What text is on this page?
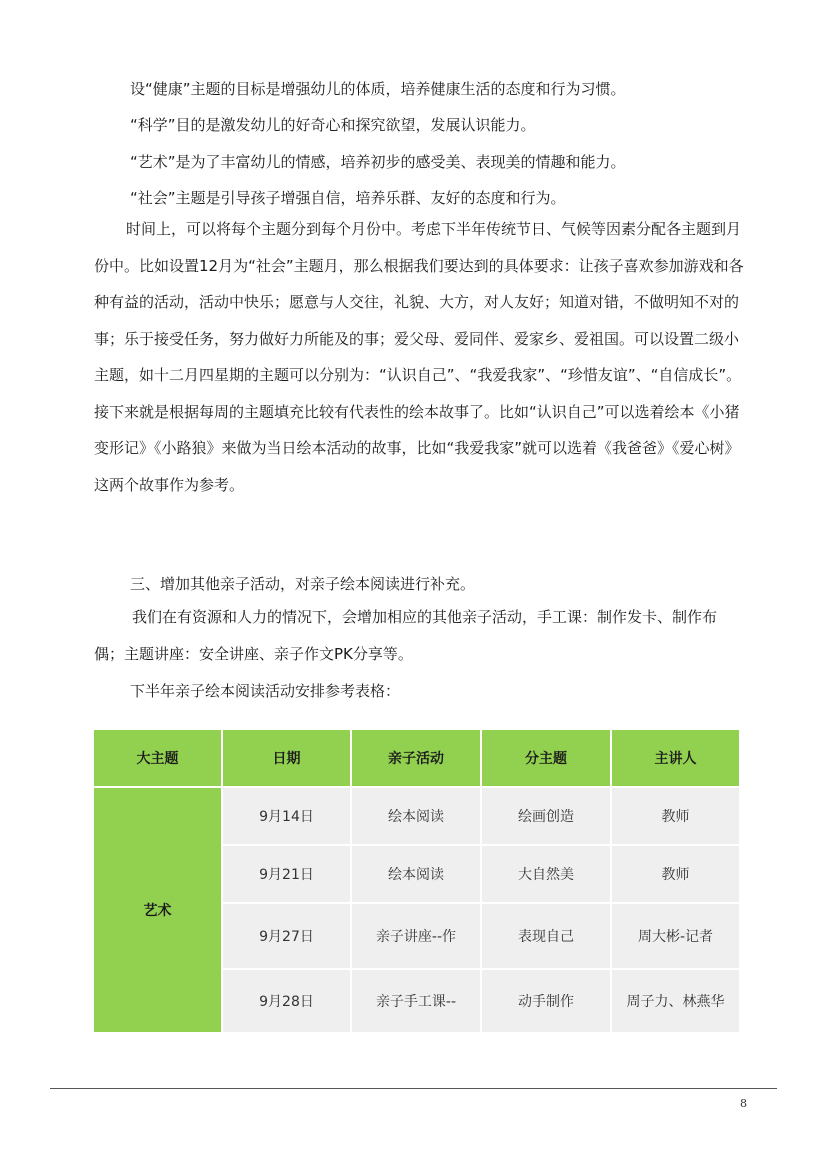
设“健康”主题的目标是增强幼儿的体质，培养健康生活的态度和行为习惯。
“科学”目的是激发幼儿的好奇心和探究欲望，发展认识能力。
“艺术”是为了丰富幼儿的情感，培养初步的感受美、表现美的情趣和能力。
“社会”主题是引导孩子增强自信，培养乐群、友好的态度和行为。

时间上，可以将每个主题分到每个月份中。考虑下半年传统节日、气候等因素分配各主题到月份中。比如设置12月为“社会”主题月，那么根据我们要达到的具体要求：让孩子喜欢参加游戏和各种有益的活动，活动中快乐；愿意与人交往，礼貌、大方，对人友好；知道对错，不做明知不对的事；乐于接受任务，努力做好力所能及的事；爱父母、爱同伴、爱家乡、爱祖国。可以设置二级小主题，如十二月四星期的主题可以分别为：“认识自己”、“我爱我家”、“珍惜友谊”、“自信成长”。接下来就是根据每周的主题填充比较有代表性的绘本故事了。比如“认识自己”可以选着绘本《小猪变形记》《小路狼》来做为当日绘本活动的故事，比如“我爱我家”就可以选着《我爸爸》《爱心树》这两个故事作为参考。

三、增加其他亲子活动，对亲子绘本阅读进行补充。

我们在有资源和人力的情况下，会增加相应的其他亲子活动，手工课：制作发卡、制作布偶；主题讲座：安全讲座、亲子作文PK分享等。

下半年亲子绘本阅读活动安排参考表格：
大主题	日期	亲子活动	分主题	主讲人
艺术	9月14日	绘本阅读	绘画创造	教师
	9月21日	绘本阅读	大自然美	教师
	9月27日	亲子讲座--作	表现自己	周大彬-记者
	9月28日	亲子手工课--	动手制作	周子力、林燕华
8
